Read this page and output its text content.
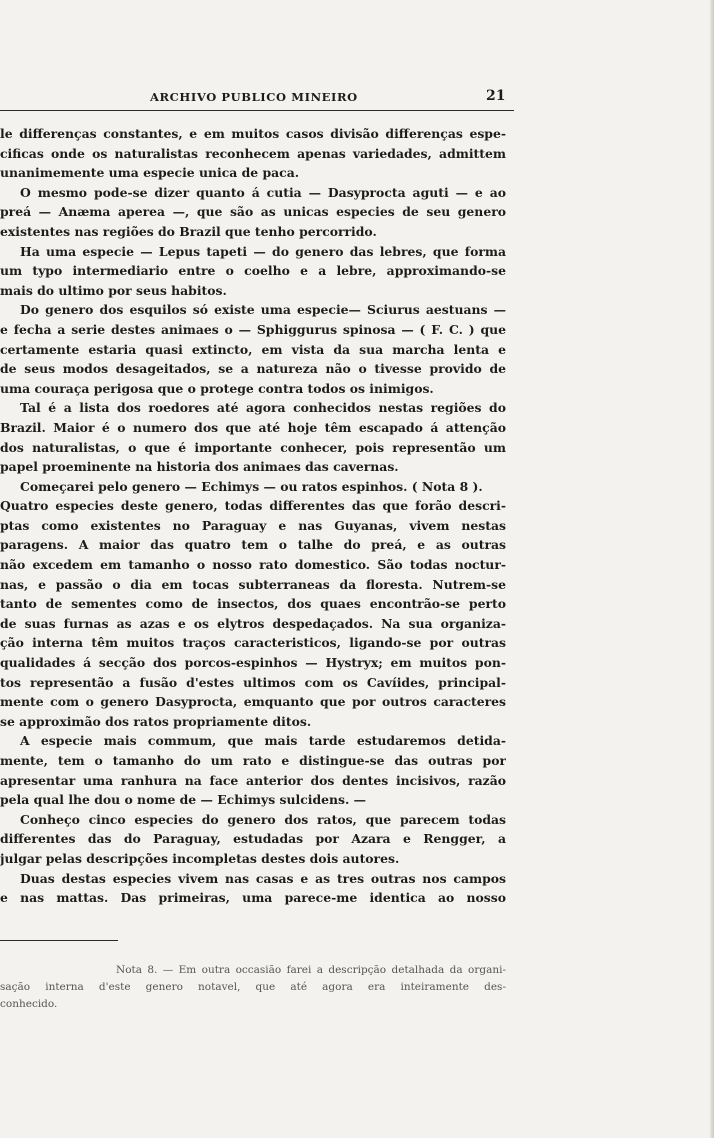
ARCHIVO PUBLICO MINEIRO	21
le differenças constantes, e em muitos casos divisão differenças espe-
cificas onde os naturalistas reconhecem apenas variedades, admittem
unanimemente uma especie unica de paca.
O mesmo pode-se dizer quanto á cutia — Dasyprocta aguti — e ao
preá — Anæma aperea —, que são as unicas especies de seu genero
existentes nas regiões do Brazil que tenho percorrido.
Ha uma especie — Lepus tapeti — do genero das lebres, que forma
um typo intermediario entre o coelho e a lebre, approximando-se
mais do ultimo por seus habitos.
Do genero dos esquilos só existe uma especie— Sciurus aestuans —
e fecha a serie destes animaes o — Sphiggurus spinosa — ( F. C. ) que
certamente estaria quasi extincto, em vista da sua marcha lenta e
de seus modos desageitados, se a natureza não o tivesse provido de
uma couraça perigosa que o protege contra todos os inimigos.
Tal é a lista dos roedores até agora conhecidos nestas regiões do
Brazil. Maior é o numero dos que até hoje têm escapado á attenção
dos naturalistas, o que é importante conhecer, pois representão um
papel proeminente na historia dos animaes das cavernas.
Começarei pelo genero — Echimys — ou ratos espinhos. ( Nota 8 ).
Quatro especies deste genero, todas differentes das que forão descri-
ptas como existentes no Paraguay e nas Guyanas, vivem nestas
paragens. A maior das quatro tem o talhe do preá, e as outras
não excedem em tamanho o nosso rato domestico. São todas noctur-
nas, e passão o dia em tocas subterraneas da floresta. Nutrem-se
tanto de sementes como de insectos, dos quaes encontrão-se perto
de suas furnas as azas e os elytros despedaçados. Na sua organiza-
ção interna têm muitos traços caracteristicos, ligando-se por outras
qualidades á secção dos porcos-espinhos — Hystryx; em muitos pon-
tos representão a fusão d'estes ultimos com os Cavíides, principal-
mente com o genero Dasyprocta, emquanto que por outros caracteres
se approximão dos ratos propriamente ditos.
A especie mais commum, que mais tarde estudaremos detida-
mente, tem o tamanho do um rato e distingue-se das outras por
apresentar uma ranhura na face anterior dos dentes incisivos, razão
pela qual lhe dou o nome de — Echimys sulcidens. —
Conheço cinco especies do genero dos ratos, que parecem todas
differentes das do Paraguay, estudadas por Azara e Rengger, a
julgar pelas descripções incompletas destes dois autores.
Duas destas especies vivem nas casas e as tres outras nos campos
e nas mattas. Das primeiras, uma parece-me identica ao nosso
Nota 8. — Em outra occasião farei a descripção detalhada da organi-
sação interna d'este genero notavel, que até agora era inteiramente des-
conhecido.
